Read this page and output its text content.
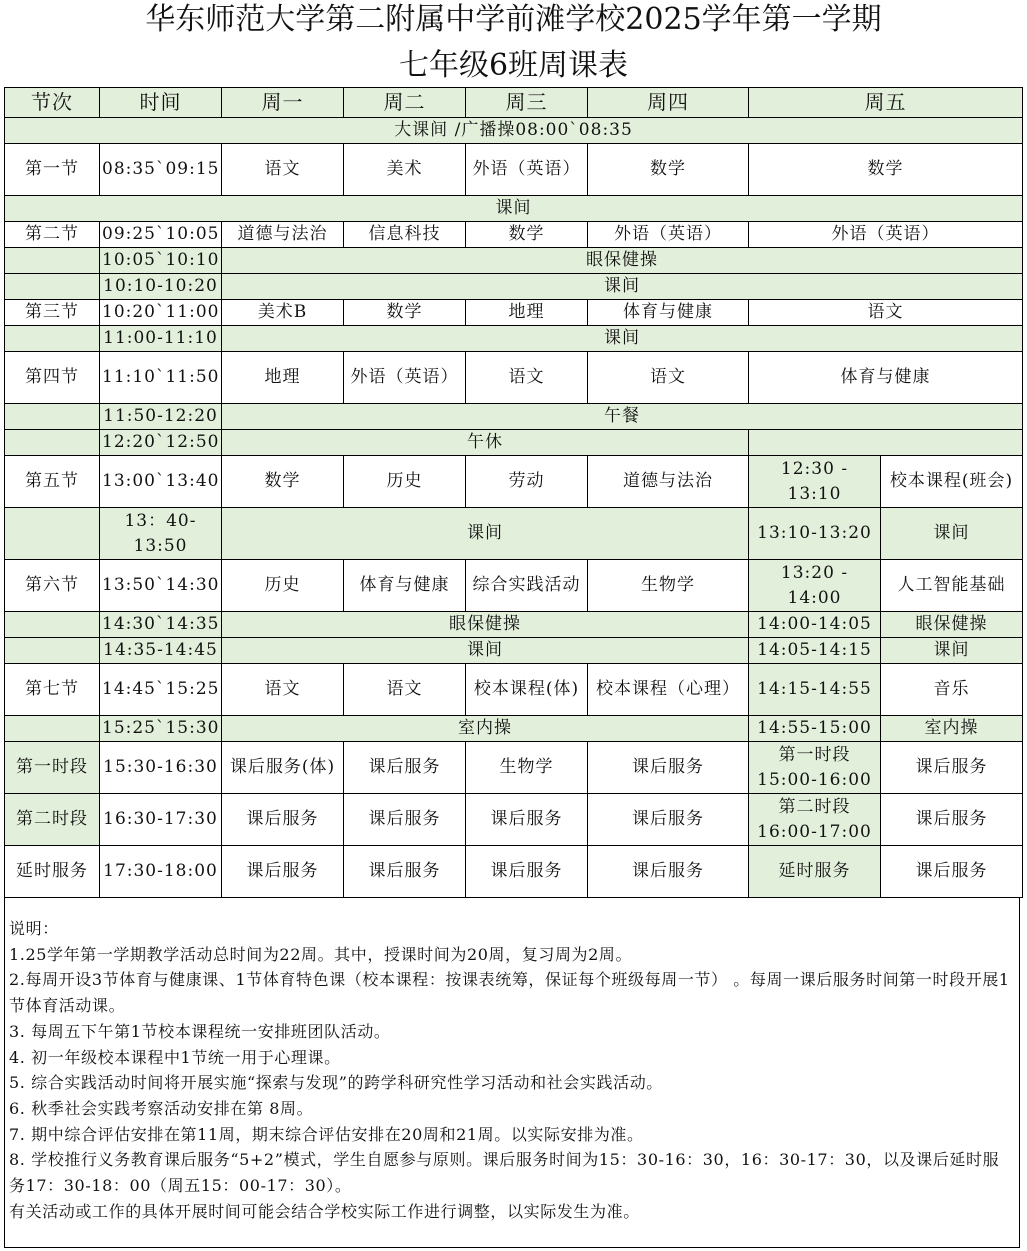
华东师范大学第二附属中学前滩学校2025学年第一学期
七年级6班周课表
节次	时间	周一	周二	周三	周四	周五	
大课间 /广播操08:00`08:35							
第一节	08:35`09:15	语文	美术	外语（英语）	数学	数学	
课间							
第二节	09:25`10:05	道德与法治	信息科技	数学	外语（英语）	外语（英语）	
	10:05`10:10	眼保健操					
	10:10-10:20	课间					
第三节	10:20`11:00	美术B	数学	地理	体育与健康	语文	
	11:00-11:10	课间					
第四节	11:10`11:50	地理	外语（英语）	语文	语文	体育与健康	
	11:50-12:20	午餐					
	12:20`12:50	午休					
第五节	13:00`13:40	数学	历史	劳动	道德与法治	12:30 - 13:10	校本课程(班会)
	13：40-13:50	课间				13:10-13:20	课间
第六节	13:50`14:30	历史	体育与健康	综合实践活动	生物学	13:20 - 14:00	人工智能基础
	14:30`14:35	眼保健操				14:00-14:05	眼保健操
	14:35-14:45	课间				14:05-14:15	课间
第七节	14:45`15:25	语文	语文	校本课程(体)	校本课程（心理）	14:15-14:55	音乐
	15:25`15:30	室内操				14:55-15:00	室内操
第一时段	15:30-16:30	课后服务(体)	课后服务	生物学	课后服务	第一时段 15:00-16:00	课后服务
第二时段	16:30-17:30	课后服务	课后服务	课后服务	课后服务	第二时段 16:00-17:00	课后服务
延时服务	17:30-18:00	课后服务	课后服务	课后服务	课后服务	延时服务	课后服务
说明：
1.25学年第一学期教学活动总时间为22周。其中，授课时间为20周，复习周为2周。
2.每周开设3节体育与健康课、1节体育特色课（校本课程：按课表统筹，保证每个班级每周一节） 。每周一课后服务时间第一时段开展1节体育活动课。
3. 每周五下午第1节校本课程统一安排班团队活动。
4. 初一年级校本课程中1节统一用于心理课。
5. 综合实践活动时间将开展实施“探索与发现”的跨学科研究性学习活动和社会实践活动。
6. 秋季社会实践考察活动安排在第 8周。
7. 期中综合评估安排在第11周，期末综合评估安排在20周和21周。以实际安排为准。
8. 学校推行义务教育课后服务“5+2”模式，学生自愿参与原则。课后服务时间为15：30-16：30，16：30-17：30，以及课后延时服务17：30-18：00（周五15：00-17：30）。
有关活动或工作的具体开展时间可能会结合学校实际工作进行调整，以实际发生为准。
